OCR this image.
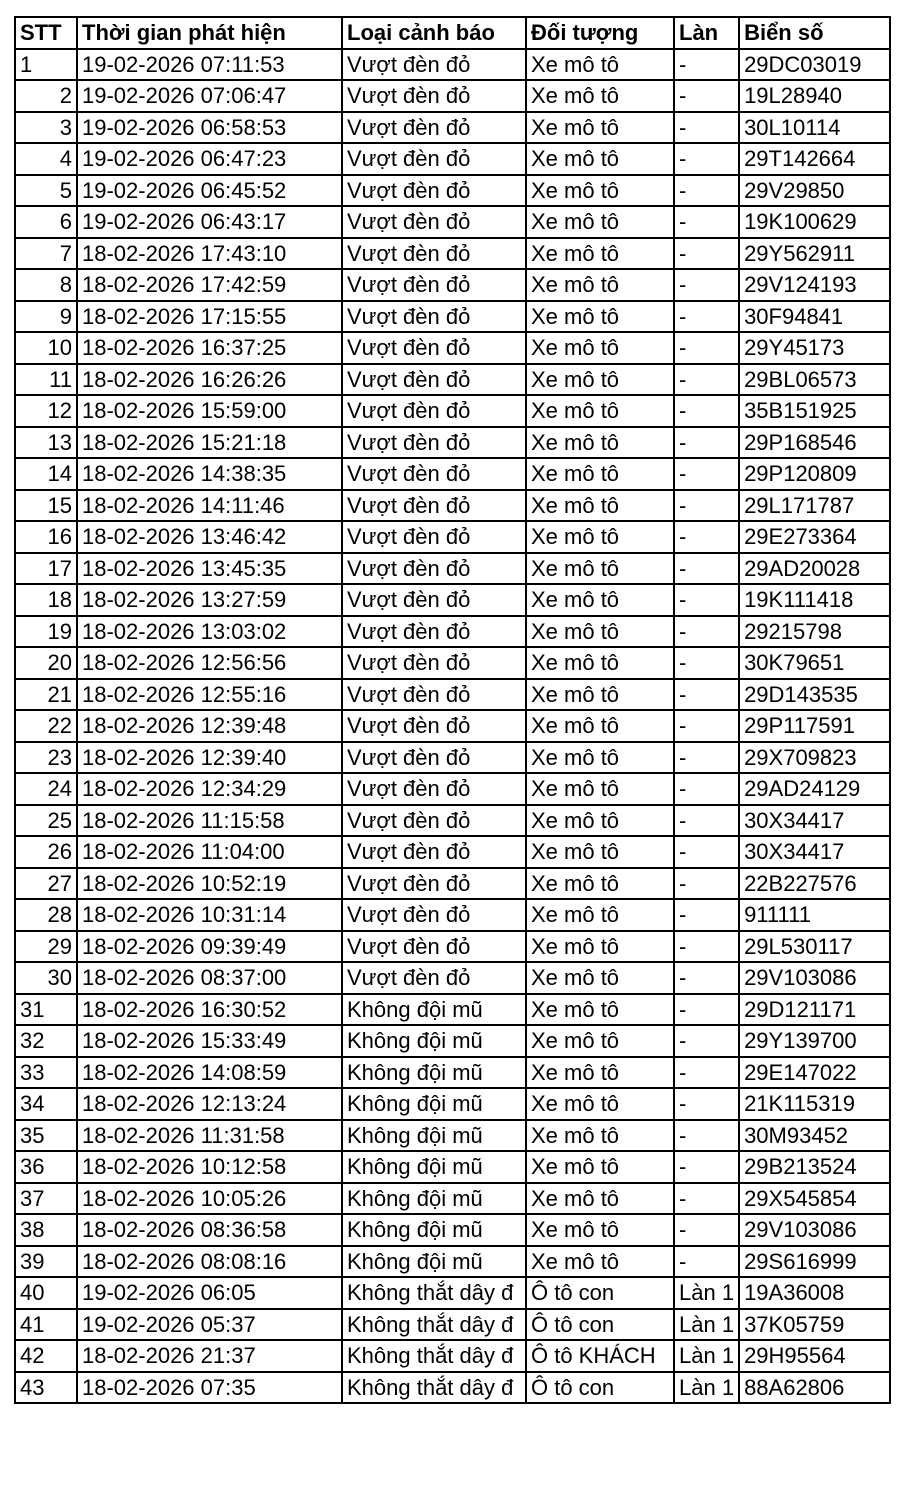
STT	Thời gian phát hiện	Loại cảnh báo	Đối tượng	Làn	Biển số
1	19-02-2026 07:11:53	Vượt đèn đỏ	Xe mô tô	-	29DC03019
2	19-02-2026 07:06:47	Vượt đèn đỏ	Xe mô tô	-	19L28940
3	19-02-2026 06:58:53	Vượt đèn đỏ	Xe mô tô	-	30L10114
4	19-02-2026 06:47:23	Vượt đèn đỏ	Xe mô tô	-	29T142664
5	19-02-2026 06:45:52	Vượt đèn đỏ	Xe mô tô	-	29V29850
6	19-02-2026 06:43:17	Vượt đèn đỏ	Xe mô tô	-	19K100629
7	18-02-2026 17:43:10	Vượt đèn đỏ	Xe mô tô	-	29Y562911
8	18-02-2026 17:42:59	Vượt đèn đỏ	Xe mô tô	-	29V124193
9	18-02-2026 17:15:55	Vượt đèn đỏ	Xe mô tô	-	30F94841
10	18-02-2026 16:37:25	Vượt đèn đỏ	Xe mô tô	-	29Y45173
11	18-02-2026 16:26:26	Vượt đèn đỏ	Xe mô tô	-	29BL06573
12	18-02-2026 15:59:00	Vượt đèn đỏ	Xe mô tô	-	35B151925
13	18-02-2026 15:21:18	Vượt đèn đỏ	Xe mô tô	-	29P168546
14	18-02-2026 14:38:35	Vượt đèn đỏ	Xe mô tô	-	29P120809
15	18-02-2026 14:11:46	Vượt đèn đỏ	Xe mô tô	-	29L171787
16	18-02-2026 13:46:42	Vượt đèn đỏ	Xe mô tô	-	29E273364
17	18-02-2026 13:45:35	Vượt đèn đỏ	Xe mô tô	-	29AD20028
18	18-02-2026 13:27:59	Vượt đèn đỏ	Xe mô tô	-	19K111418
19	18-02-2026 13:03:02	Vượt đèn đỏ	Xe mô tô	-	29215798
20	18-02-2026 12:56:56	Vượt đèn đỏ	Xe mô tô	-	30K79651
21	18-02-2026 12:55:16	Vượt đèn đỏ	Xe mô tô	-	29D143535
22	18-02-2026 12:39:48	Vượt đèn đỏ	Xe mô tô	-	29P117591
23	18-02-2026 12:39:40	Vượt đèn đỏ	Xe mô tô	-	29X709823
24	18-02-2026 12:34:29	Vượt đèn đỏ	Xe mô tô	-	29AD24129
25	18-02-2026 11:15:58	Vượt đèn đỏ	Xe mô tô	-	30X34417
26	18-02-2026 11:04:00	Vượt đèn đỏ	Xe mô tô	-	30X34417
27	18-02-2026 10:52:19	Vượt đèn đỏ	Xe mô tô	-	22B227576
28	18-02-2026 10:31:14	Vượt đèn đỏ	Xe mô tô	-	911111
29	18-02-2026 09:39:49	Vượt đèn đỏ	Xe mô tô	-	29L530117
30	18-02-2026 08:37:00	Vượt đèn đỏ	Xe mô tô	-	29V103086
31	18-02-2026 16:30:52	Không đội mũ	Xe mô tô	-	29D121171
32	18-02-2026 15:33:49	Không đội mũ	Xe mô tô	-	29Y139700
33	18-02-2026 14:08:59	Không đội mũ	Xe mô tô	-	29E147022
34	18-02-2026 12:13:24	Không đội mũ	Xe mô tô	-	21K115319
35	18-02-2026 11:31:58	Không đội mũ	Xe mô tô	-	30M93452
36	18-02-2026 10:12:58	Không đội mũ	Xe mô tô	-	29B213524
37	18-02-2026 10:05:26	Không đội mũ	Xe mô tô	-	29X545854
38	18-02-2026 08:36:58	Không đội mũ	Xe mô tô	-	29V103086
39	18-02-2026 08:08:16	Không đội mũ	Xe mô tô	-	29S616999
40	19-02-2026 06:05	Không thắt dây đ	Ô tô con	Làn 1	19A36008
41	19-02-2026 05:37	Không thắt dây đ	Ô tô con	Làn 1	37K05759
42	18-02-2026 21:37	Không thắt dây đ	Ô tô KHÁCH	Làn 1	29H95564
43	18-02-2026 07:35	Không thắt dây đ	Ô tô con	Làn 1	88A62806
